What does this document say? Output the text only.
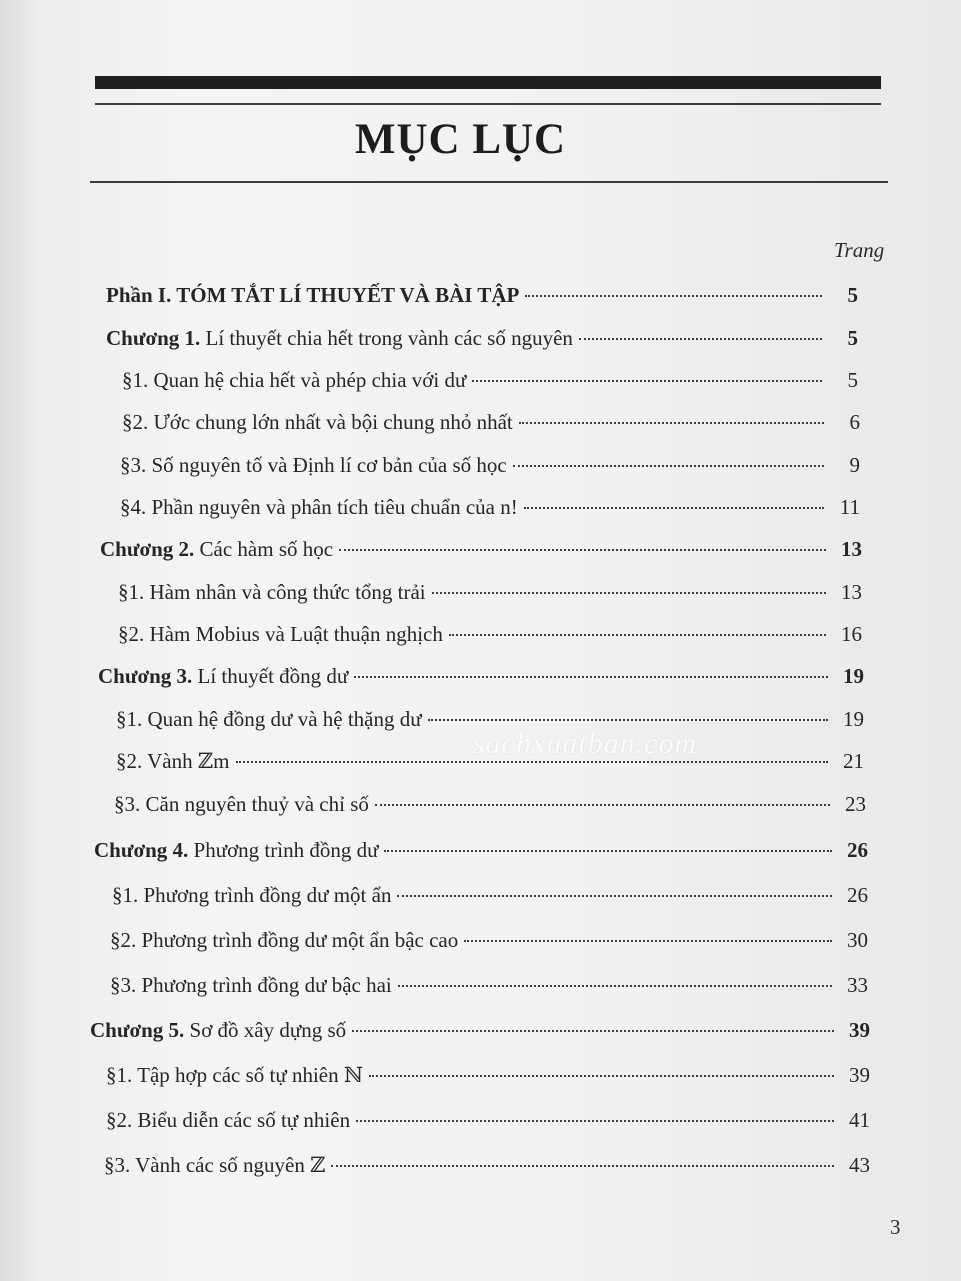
MỤC LỤC
Trang
Phần I. TÓM TẮT LÍ THUYẾT VÀ BÀI TẬP	5
Chương 1. Lí thuyết chia hết trong vành các số nguyên	5
§1. Quan hệ chia hết và phép chia với dư	5
§2. Ước chung lớn nhất và bội chung nhỏ nhất	6
§3. Số nguyên tố và Định lí cơ bản của số học	9
§4. Phần nguyên và phân tích tiêu chuẩn của n!	11
Chương 2. Các hàm số học	13
§1. Hàm nhân và công thức tổng trải	13
§2. Hàm Mobius và Luật thuận nghịch	16
Chương 3. Lí thuyết đồng dư	19
§1. Quan hệ đồng dư và hệ thặng dư	19
§2. Vành ℤm	21
§3. Căn nguyên thuỷ và chỉ số	23
Chương 4. Phương trình đồng dư	26
§1. Phương trình đồng dư một ẩn	26
§2. Phương trình đồng dư một ẩn bậc cao	30
§3. Phương trình đồng dư bậc hai	33
Chương 5. Sơ đồ xây dựng số	39
§1. Tập hợp các số tự nhiên ℕ	39
§2. Biểu diễn các số tự nhiên	41
§3. Vành các số nguyên ℤ	43
sachxuatban.com
3
